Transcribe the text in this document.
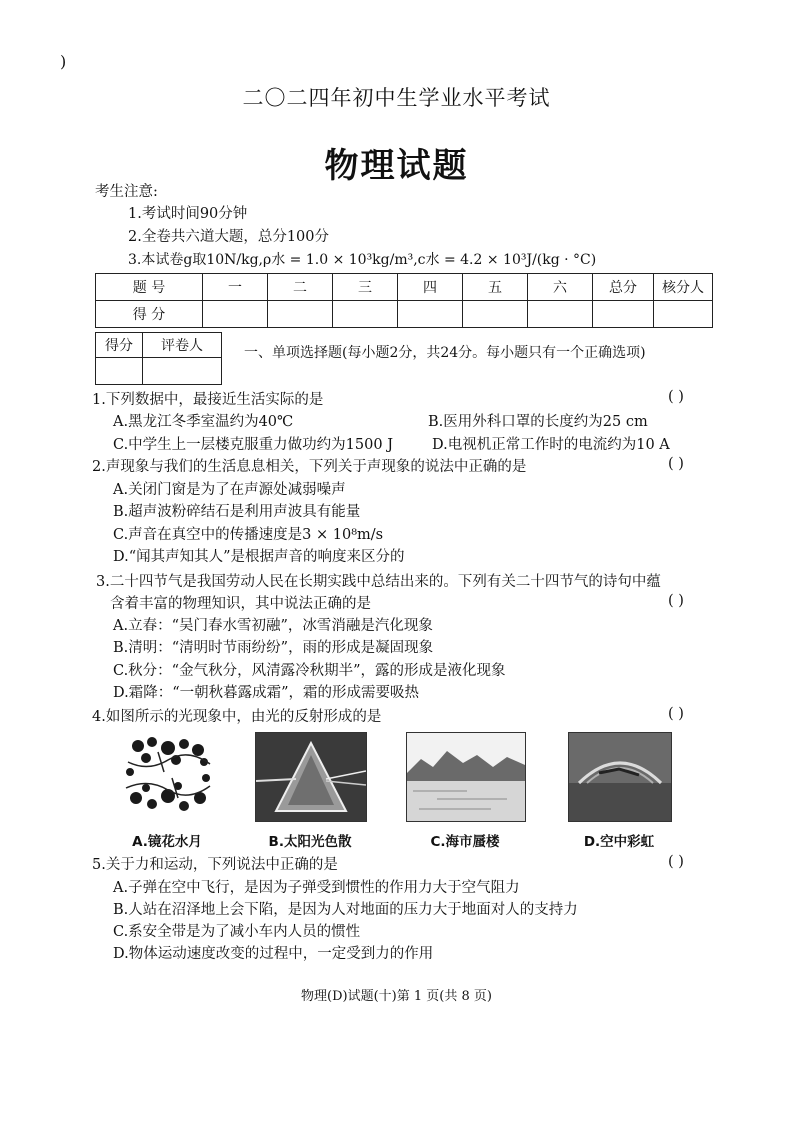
)
二〇二四年初中生学业水平考试
物理试题
考生注意:
1.考试时间90分钟
2.全卷共六道大题，总分100分
3.本试卷g取10N/kg,ρ水 = 1.0 × 10³kg/m³,c水 = 4.2 × 10³J/(kg · °C)
题 号	一	二	三	四	五	六	总分	核分人
得 分								
得分	评卷人
		一、单项选择题(每小题2分，共24分。每小题只有一个正确选项)
1.下列数据中，最接近生活实际的是	( )
A.黑龙江冬季室温约为40℃	B.医用外科口罩的长度约为25 cm
C.中学生上一层楼克服重力做功约为1500 J	D.电视机正常工作时的电流约为10 A
2.声现象与我们的生活息息相关，下列关于声现象的说法中正确的是	( )
A.关闭门窗是为了在声源处减弱噪声
B.超声波粉碎结石是利用声波具有能量
C.声音在真空中的传播速度是3 × 10⁸m/s
D.“闻其声知其人”是根据声音的响度来区分的
3.二十四节气是我国劳动人民在长期实践中总结出来的。下列有关二十四节气的诗句中蕴
含着丰富的物理知识，其中说法正确的是	( )
A.立春：“吴门春水雪初融”，冰雪消融是汽化现象
B.清明：“清明时节雨纷纷”，雨的形成是凝固现象
C.秋分：“金气秋分，风清露冷秋期半”，露的形成是液化现象
D.霜降：“一朝秋暮露成霜”，霜的形成需要吸热
4.如图所示的光现象中，由光的反射形成的是	( )
A.镜花水月	B.太阳光色散	C.海市蜃楼	D.空中彩虹
5.关于力和运动，下列说法中正确的是	( )
A.子弹在空中飞行，是因为子弹受到惯性的作用力大于空气阻力
B.人站在沼泽地上会下陷，是因为人对地面的压力大于地面对人的支持力
C.系安全带是为了减小车内人员的惯性
D.物体运动速度改变的过程中，一定受到力的作用
物理(D)试题(十)第 1 页(共 8 页)
